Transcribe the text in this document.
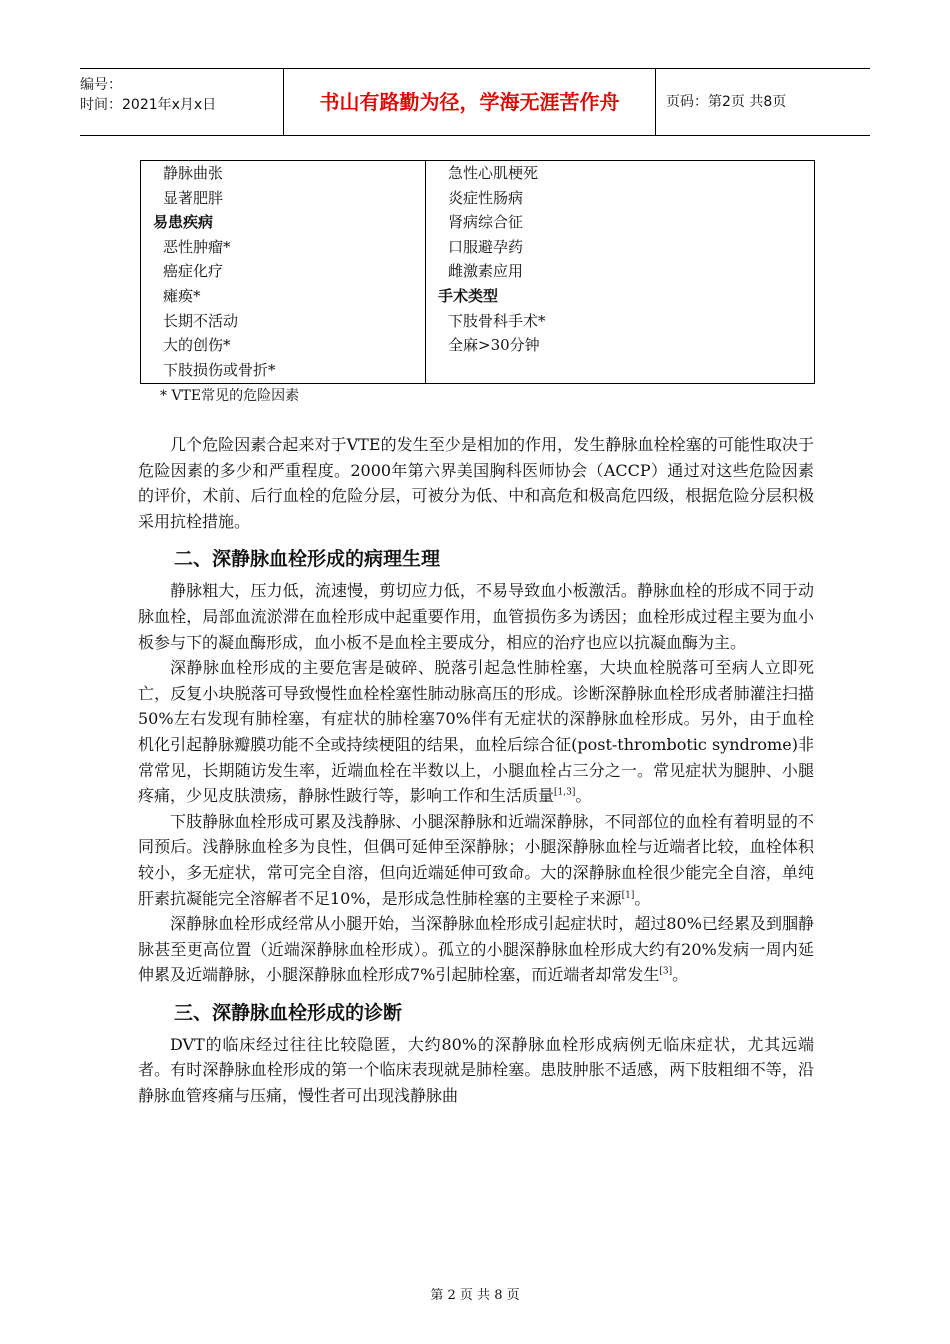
编号：
时间：2021年x月x日	书山有路勤为径，学海无涯苦作舟	页码：第2页 共8页
静脉曲张
显著肥胖
易患疾病
恶性肿瘤*
癌症化疗
瘫痪*
长期不活动
大的创伤*
下肢损伤或骨折*
急性心肌梗死
炎症性肠病
肾病综合征
口服避孕药
雌激素应用
手术类型
下肢骨科手术*
全麻>30分钟
* VTE常见的危险因素

几个危险因素合起来对于VTE的发生至少是相加的作用，发生静脉血栓栓塞的可能性取决于危险因素的多少和严重程度。2000年第六界美国胸科医师协会（ACCP）通过对这些危险因素的评价，术前、后行血栓的危险分层，可被分为低、中和高危和极高危四级，根据危险分层积极采用抗栓措施。

二、深静脉血栓形成的病理生理

静脉粗大，压力低，流速慢，剪切应力低，不易导致血小板激活。静脉血栓的形成不同于动脉血栓，局部血流淤滞在血栓形成中起重要作用，血管损伤多为诱因；血栓形成过程主要为血小板参与下的凝血酶形成，血小板不是血栓主要成分，相应的治疗也应以抗凝血酶为主。

深静脉血栓形成的主要危害是破碎、脱落引起急性肺栓塞，大块血栓脱落可至病人立即死亡，反复小块脱落可导致慢性血栓栓塞性肺动脉高压的形成。诊断深静脉血栓形成者肺灌注扫描50%左右发现有肺栓塞，有症状的肺栓塞70%伴有无症状的深静脉血栓形成。另外，由于血栓机化引起静脉瓣膜功能不全或持续梗阻的结果，血栓后综合征(post-thrombotic syndrome)非常常见，长期随访发生率，近端血栓在半数以上，小腿血栓占三分之一。常见症状为腿肿、小腿疼痛，少见皮肤溃疡，静脉性跛行等，影响工作和生活质量[1,3]。

下肢静脉血栓形成可累及浅静脉、小腿深静脉和近端深静脉，不同部位的血栓有着明显的不同预后。浅静脉血栓多为良性，但偶可延伸至深静脉；小腿深静脉血栓与近端者比较，血栓体积较小，多无症状，常可完全自溶，但向近端延伸可致命。大的深静脉血栓很少能完全自溶，单纯肝素抗凝能完全溶解者不足10%，是形成急性肺栓塞的主要栓子来源[1]。

深静脉血栓形成经常从小腿开始，当深静脉血栓形成引起症状时，超过80%已经累及到腘静脉甚至更高位置（近端深静脉血栓形成）。孤立的小腿深静脉血栓形成大约有20%发病一周内延伸累及近端静脉，小腿深静脉血栓形成7%引起肺栓塞，而近端者却常发生[3]。

三、深静脉血栓形成的诊断

DVT的临床经过往往比较隐匿，大约80%的深静脉血栓形成病例无临床症状，尤其远端者。有时深静脉血栓形成的第一个临床表现就是肺栓塞。患肢肿胀不适感，两下肢粗细不等，沿静脉血管疼痛与压痛，慢性者可出现浅静脉曲

第 2 页 共 8 页
